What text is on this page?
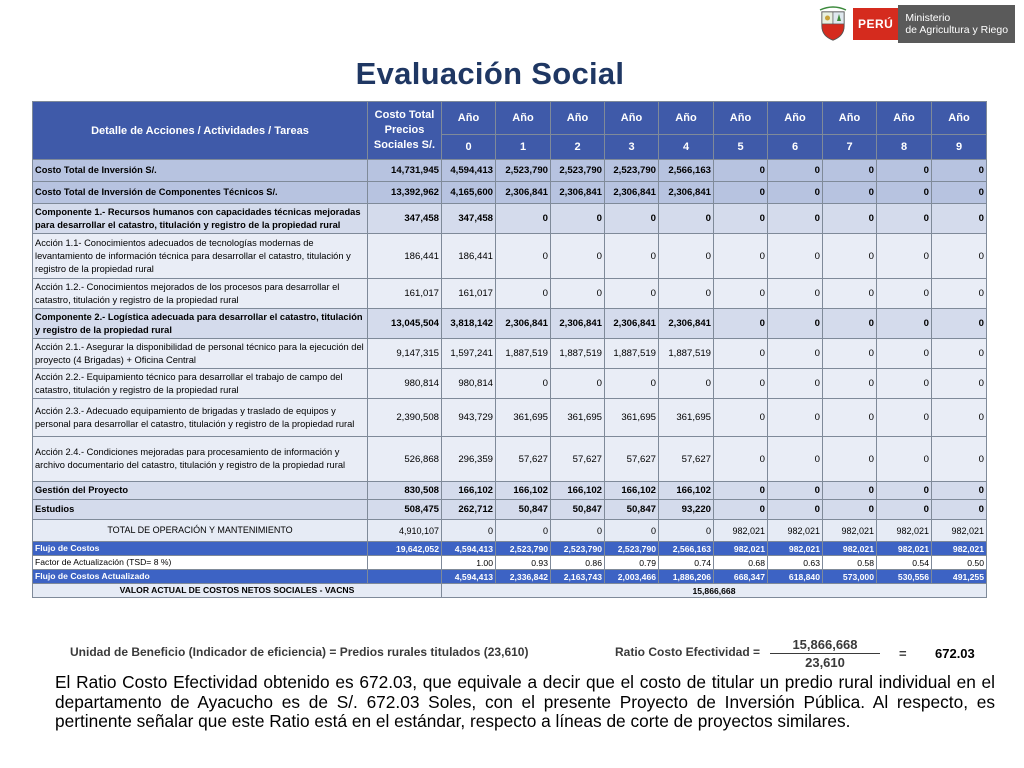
PERÚ	Ministerio
de Agricultura y Riego
Evaluación Social
Detalle de Acciones / Actividades / Tareas	Costo Total
Precios
Sociales S/.	Año	Año	Año	Año	Año	Año	Año	Año	Año	Año
		0	1	2	3	4	5	6	7	8	9
Costo Total de Inversión S/.	14,731,945	4,594,413	2,523,790	2,523,790	2,523,790	2,566,163	0	0	0	0	0
Costo Total de Inversión de Componentes Técnicos S/.	13,392,962	4,165,600	2,306,841	2,306,841	2,306,841	2,306,841	0	0	0	0	0
Componente 1.- Recursos humanos con capacidades técnicas mejoradas para desarrollar el catastro, titulación y registro de la propiedad rural	347,458	347,458	0	0	0	0	0	0	0	0	0
Acción 1.1- Conocimientos adecuados de tecnologías modernas de levantamiento de información técnica para desarrollar el catastro, titulación y registro de la propiedad rural	186,441	186,441	0	0	0	0	0	0	0	0	0
Acción 1.2.- Conocimientos mejorados de los procesos para desarrollar el catastro, titulación y registro de la propiedad rural	161,017	161,017	0	0	0	0	0	0	0	0	0
Componente 2.- Logística adecuada para desarrollar el catastro, titulación y registro de la propiedad rural	13,045,504	3,818,142	2,306,841	2,306,841	2,306,841	2,306,841	0	0	0	0	0
Acción 2.1.- Asegurar la disponibilidad de personal técnico para la ejecución del proyecto (4 Brigadas) + Oficina Central	9,147,315	1,597,241	1,887,519	1,887,519	1,887,519	1,887,519	0	0	0	0	0
Acción 2.2.- Equipamiento técnico para desarrollar el trabajo de campo del catastro, titulación y registro de la propiedad rural	980,814	980,814	0	0	0	0	0	0	0	0	0
Acción 2.3.- Adecuado equipamiento de brigadas y traslado de equipos y personal para desarrollar el catastro, titulación y registro de la propiedad rural	2,390,508	943,729	361,695	361,695	361,695	361,695	0	0	0	0	0
Acción 2.4.- Condiciones mejoradas para procesamiento de información y archivo documentario del catastro, titulación y registro de la propiedad rural	526,868	296,359	57,627	57,627	57,627	57,627	0	0	0	0	0
Gestión del Proyecto	830,508	166,102	166,102	166,102	166,102	166,102	0	0	0	0	0
Estudios	508,475	262,712	50,847	50,847	50,847	93,220	0	0	0	0	0
TOTAL DE OPERACIÓN Y MANTENIMIENTO	4,910,107	0	0	0	0	0	982,021	982,021	982,021	982,021	982,021
Flujo de Costos	19,642,052	4,594,413	2,523,790	2,523,790	2,523,790	2,566,163	982,021	982,021	982,021	982,021	982,021
Factor de Actualización (TSD= 8 %)		1.00	0.93	0.86	0.79	0.74	0.68	0.63	0.58	0.54	0.50
Flujo de Costos Actualizado		4,594,413	2,336,842	2,163,743	2,003,466	1,886,206	668,347	618,840	573,000	530,556	491,255
VALOR ACTUAL DE COSTOS NETOS SOCIALES - VACNS		15,866,668									
Unidad de Beneficio (Indicador de eficiencia) = Predios rurales titulados (23,610)	Ratio Costo Efectividad = $\frac{15,866,668}{23,610} = 672.03$
El Ratio Costo Efectividad obtenido es 672.03, que equivale a decir que el costo de titular un predio rural individual en el departamento de Ayacucho es de S/. 672.03 Soles, con el presente Proyecto de Inversión Pública. Al respecto, es pertinente señalar que este Ratio está en el estándar, respecto a líneas de corte de proyectos similares.
